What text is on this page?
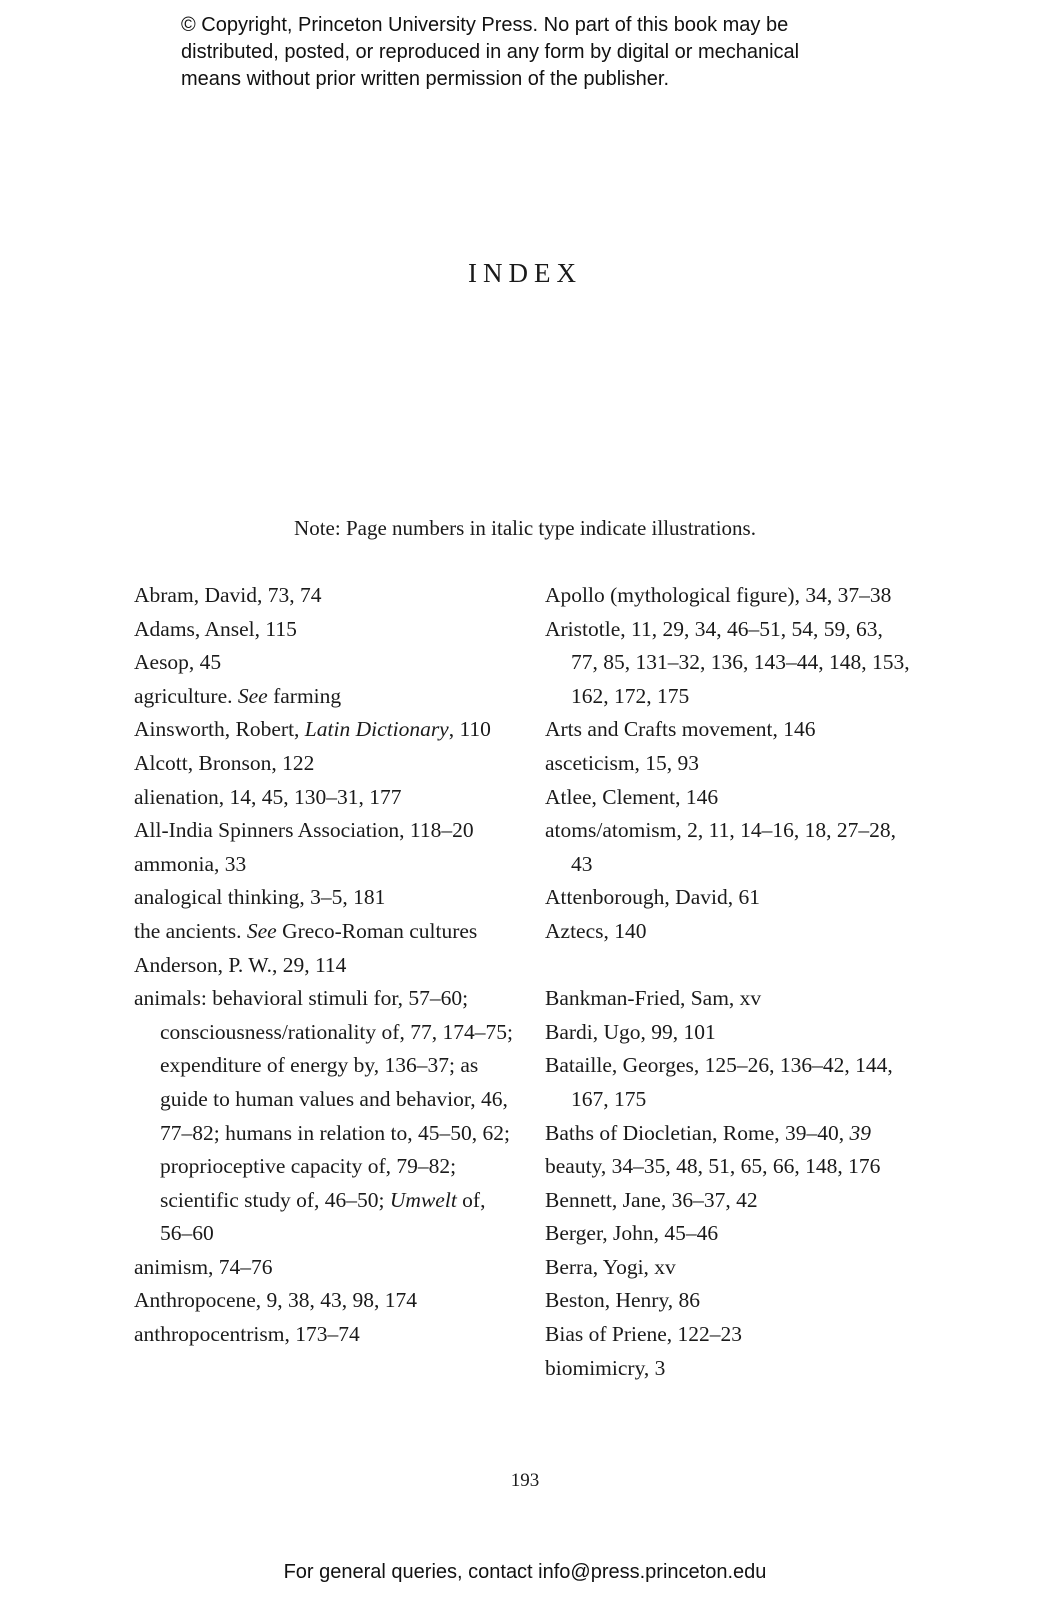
© Copyright, Princeton University Press. No part of this book may be
distributed, posted, or reproduced in any form by digital or mechanical
means without prior written permission of the publisher.
INDEX
Note: Page numbers in italic type indicate illustrations.
Abram, David, 73, 74
Adams, Ansel, 115
Aesop, 45
agriculture. See farming
Ainsworth, Robert, Latin Dictionary, 110
Alcott, Bronson, 122
alienation, 14, 45, 130–31, 177
All-India Spinners Association, 118–20
ammonia, 33
analogical thinking, 3–5, 181
the ancients. See Greco-Roman cultures
Anderson, P. W., 29, 114
animals: behavioral stimuli for, 57–60; consciousness/rationality of, 77, 174–75; expenditure of energy by, 136–37; as guide to human values and behavior, 46, 77–82; humans in relation to, 45–50, 62; proprioceptive capacity of, 79–82; scientific study of, 46–50; Umwelt of, 56–60
animism, 74–76
Anthropocene, 9, 38, 43, 98, 174
anthropocentrism, 173–74
Apollo (mythological figure), 34, 37–38
Aristotle, 11, 29, 34, 46–51, 54, 59, 63, 77, 85, 131–32, 136, 143–44, 148, 153, 162, 172, 175
Arts and Crafts movement, 146
asceticism, 15, 93
Atlee, Clement, 146
atoms/atomism, 2, 11, 14–16, 18, 27–28, 43
Attenborough, David, 61
Aztecs, 140
Bankman-Fried, Sam, xv
Bardi, Ugo, 99, 101
Bataille, Georges, 125–26, 136–42, 144, 167, 175
Baths of Diocletian, Rome, 39–40, 39
beauty, 34–35, 48, 51, 65, 66, 148, 176
Bennett, Jane, 36–37, 42
Berger, John, 45–46
Berra, Yogi, xv
Beston, Henry, 86
Bias of Priene, 122–23
biomimicry, 3
193
For general queries, contact info@press.princeton.edu
